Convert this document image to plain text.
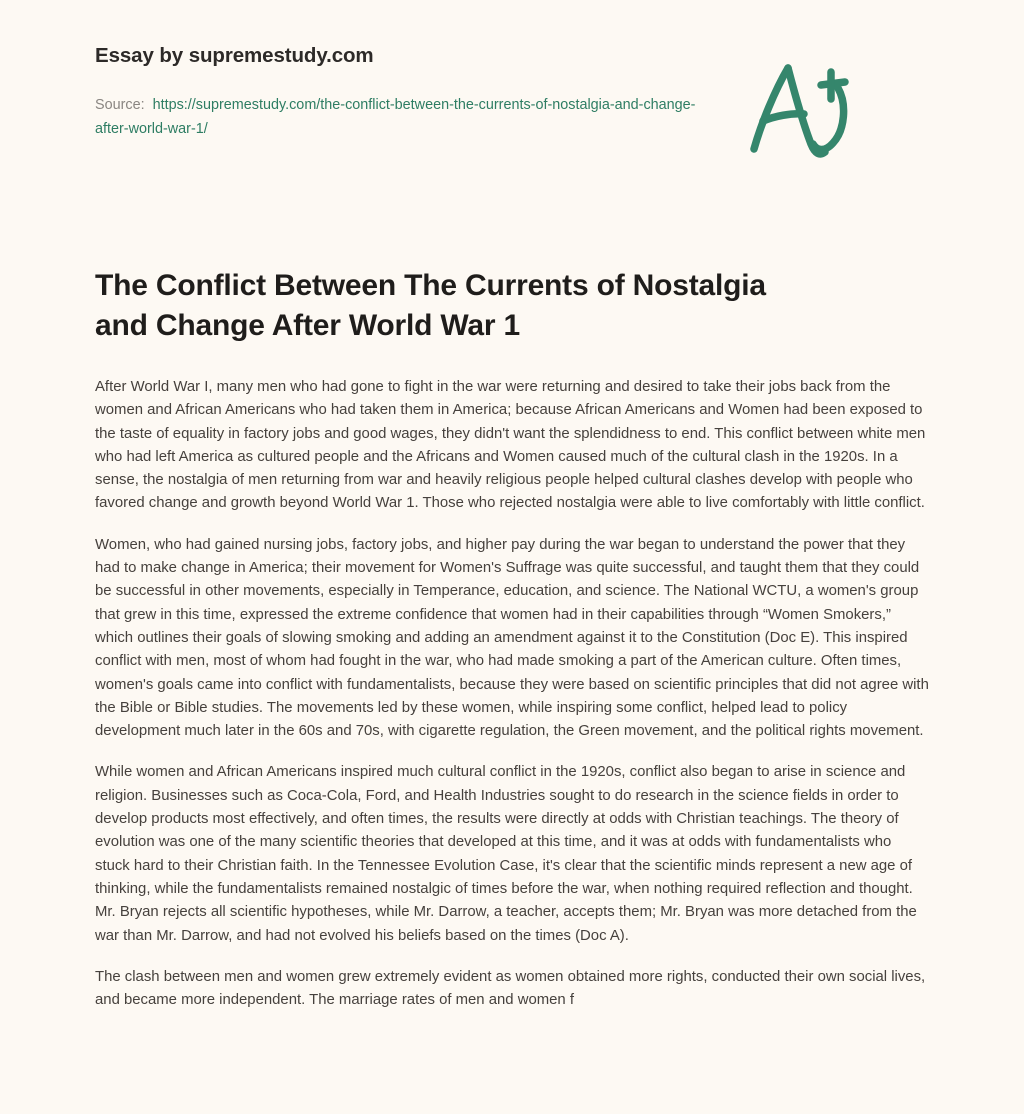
Essay by supremestudy.com
Source: https://supremestudy.com/the-conflict-between-the-currents-of-nostalgia-and-change-after-world-war-1/
The Conflict Between The Currents of Nostalgia and Change After World War 1

After World War I, many men who had gone to fight in the war were returning and desired to take their jobs back from the women and African Americans who had taken them in America; because African Americans and Women had been exposed to the taste of equality in factory jobs and good wages, they didn't want the splendidness to end. This conflict between white men who had left America as cultured people and the Africans and Women caused much of the cultural clash in the 1920s. In a sense, the nostalgia of men returning from war and heavily religious people helped cultural clashes develop with people who favored change and growth beyond World War 1. Those who rejected nostalgia were able to live comfortably with little conflict.

Women, who had gained nursing jobs, factory jobs, and higher pay during the war began to understand the power that they had to make change in America; their movement for Women's Suffrage was quite successful, and taught them that they could be successful in other movements, especially in Temperance, education, and science. The National WCTU, a women's group that grew in this time, expressed the extreme confidence that women had in their capabilities through “Women Smokers,” which outlines their goals of slowing smoking and adding an amendment against it to the Constitution (Doc E). This inspired conflict with men, most of whom had fought in the war, who had made smoking a part of the American culture. Often times, women's goals came into conflict with fundamentalists, because they were based on scientific principles that did not agree with the Bible or Bible studies. The movements led by these women, while inspiring some conflict, helped lead to policy development much later in the 60s and 70s, with cigarette regulation, the Green movement, and the political rights movement.

While women and African Americans inspired much cultural conflict in the 1920s, conflict also began to arise in science and religion. Businesses such as Coca-Cola, Ford, and Health Industries sought to do research in the science fields in order to develop products most effectively, and often times, the results were directly at odds with Christian teachings. The theory of evolution was one of the many scientific theories that developed at this time, and it was at odds with fundamentalists who stuck hard to their Christian faith. In the Tennessee Evolution Case, it's clear that the scientific minds represent a new age of thinking, while the fundamentalists remained nostalgic of times before the war, when nothing required reflection and thought. Mr. Bryan rejects all scientific hypotheses, while Mr. Darrow, a teacher, accepts them; Mr. Bryan was more detached from the war than Mr. Darrow, and had not evolved his beliefs based on the times (Doc A).

The clash between men and women grew extremely evident as women obtained more rights, conducted their own social lives, and became more independent. The marriage rates of men and women f
